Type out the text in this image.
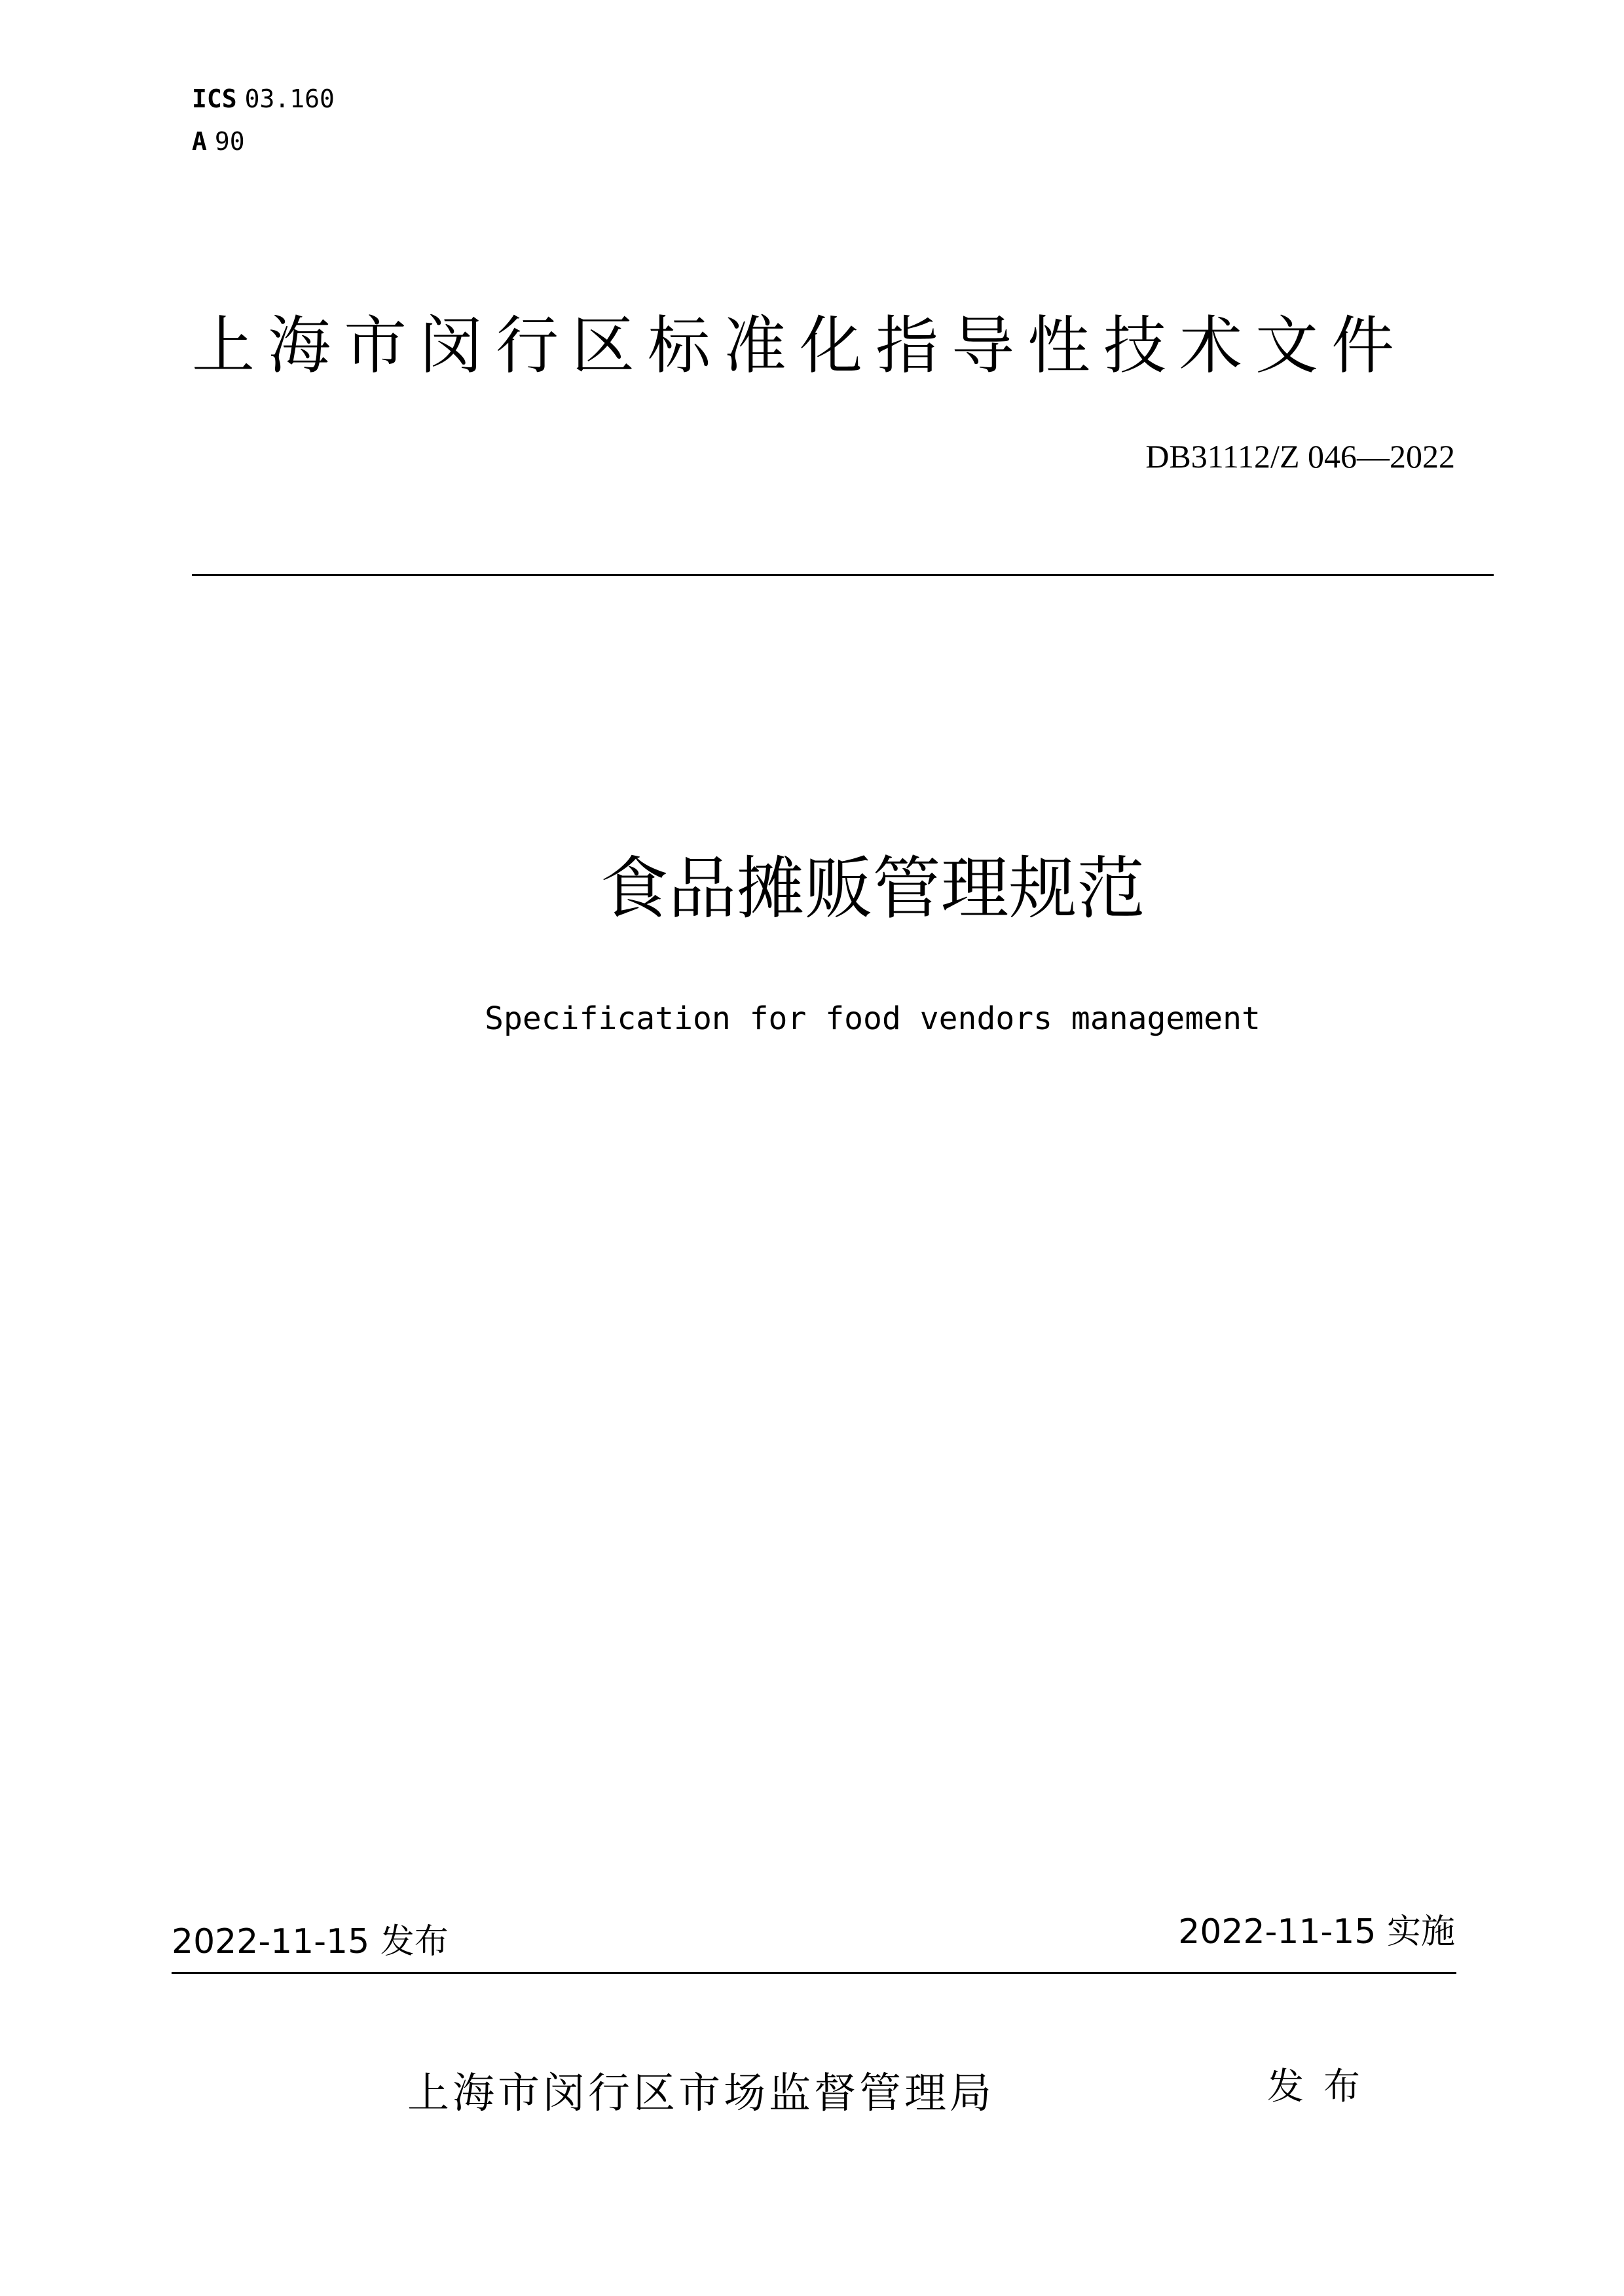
ICS 03.160
A 90
上海市闵行区标准化指导性技术文件
DB31112/Z 046—2022
食品摊贩管理规范
Specification for food vendors management
2022-11-15 发布	2022-11-15 实施
上海市闵行区市场监督管理局	发布
